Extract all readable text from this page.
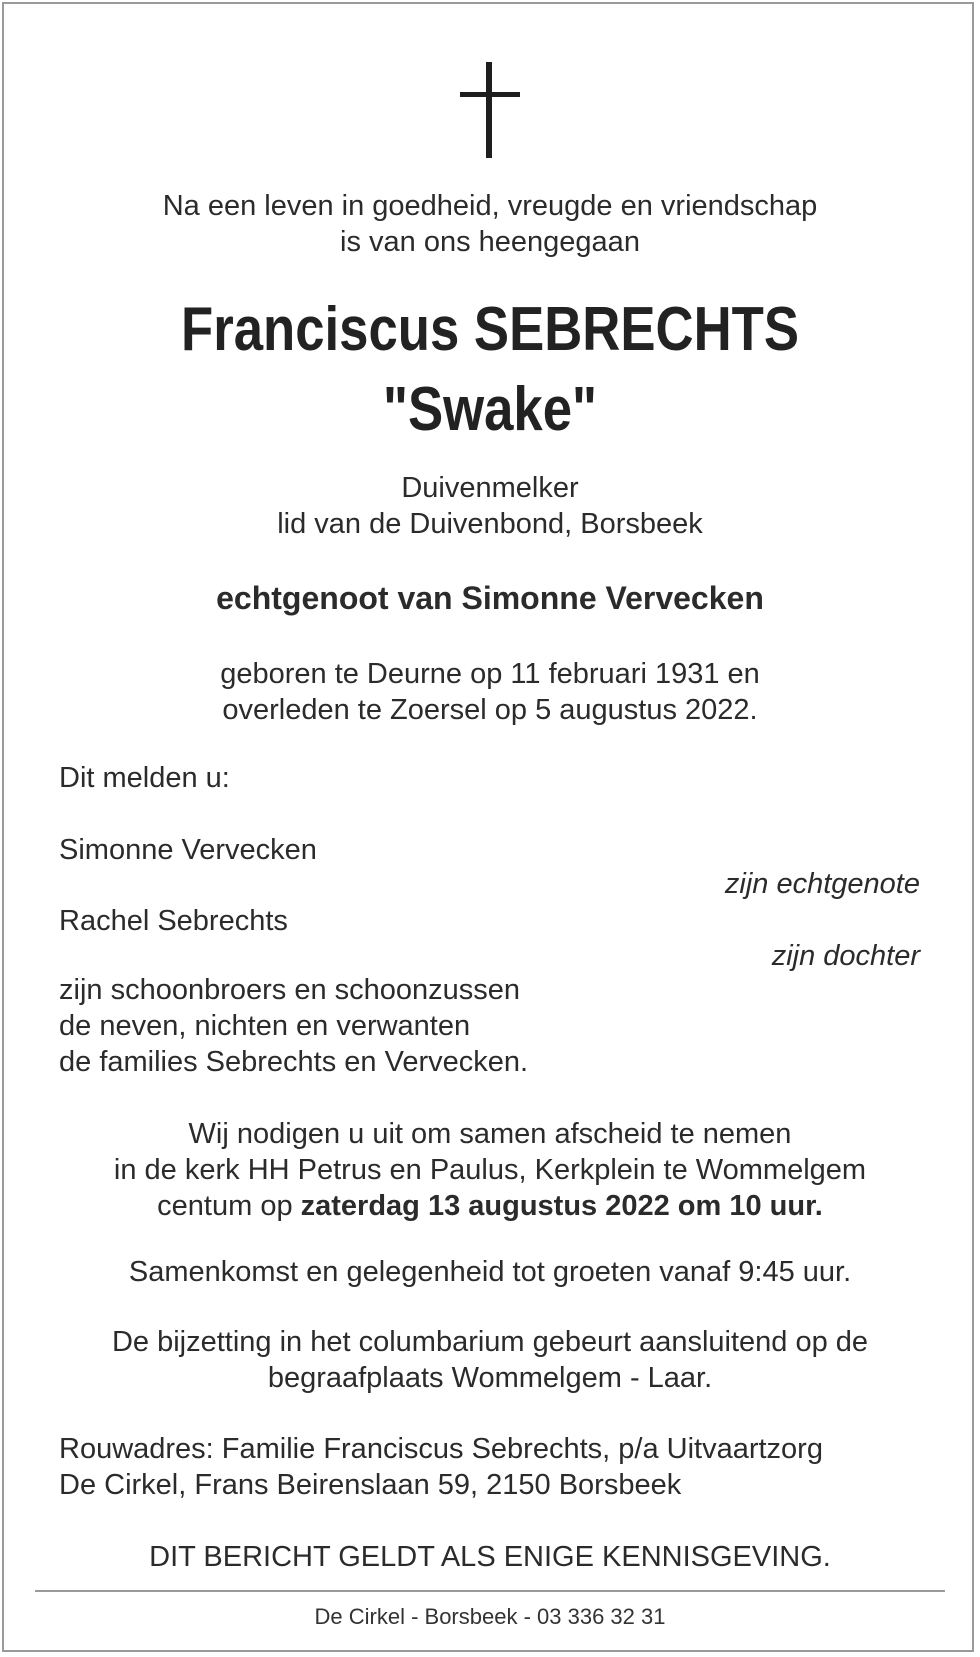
Na een leven in goedheid, vreugde en vriendschap
is van ons heengegaan
Franciscus SEBRECHTS
"Swake"
Duivenmelker
lid van de Duivenbond, Borsbeek
echtgenoot van Simonne Vervecken
geboren te Deurne op 11 februari 1931 en
overleden te Zoersel op 5 augustus 2022.
Dit melden u:
Simonne Vervecken
zijn echtgenote
Rachel Sebrechts
zijn dochter
zijn schoonbroers en schoonzussen
de neven, nichten en verwanten
de families Sebrechts en Vervecken.
Wij nodigen u uit om samen afscheid te nemen
in de kerk HH Petrus en Paulus, Kerkplein te Wommelgem
centum op zaterdag 13 augustus 2022 om 10 uur.
Samenkomst en gelegenheid tot groeten vanaf 9:45 uur.
De bijzetting in het columbarium gebeurt aansluitend op de
begraafplaats Wommelgem - Laar.
Rouwadres: Familie Franciscus Sebrechts, p/a Uitvaartzorg
De Cirkel, Frans Beirenslaan 59, 2150 Borsbeek
DIT BERICHT GELDT ALS ENIGE KENNISGEVING.
De Cirkel - Borsbeek - 03 336 32 31
